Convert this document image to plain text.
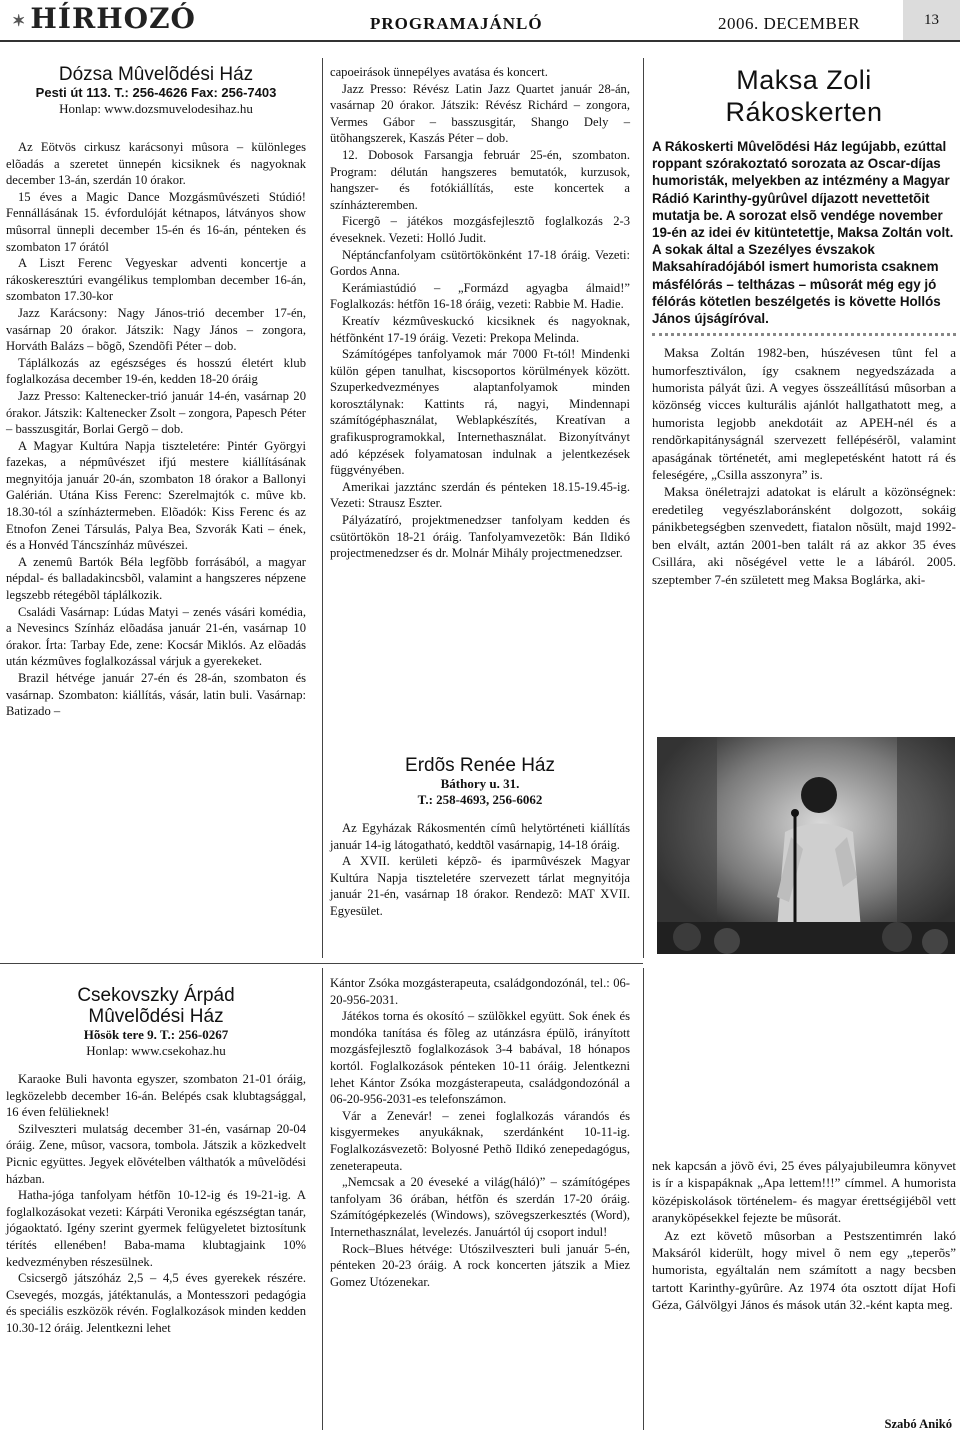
✶ HÍRHOZÓ	PROGRAMAJÁNLÓ	2006. DECEMBER	13
Dózsa Mûvelõdési Ház
Pesti út 113. T.: 256-4626 Fax: 256-7403
Honlap: www.dozsmuvelodesihaz.hu

Az Eötvös cirkusz karácsonyi mûsora – különleges elõadás a szeretet ünnepén kicsiknek és nagyoknak december 13-án, szerdán 10 órakor.

15 éves a Magic Dance Mozgásmûvészeti Stúdió! Fennállásának 15. évfordulóját kétnapos, látványos show mûsorral ünnepli december 15-én és 16-án, pénteken és szombaton 17 órától

A Liszt Ferenc Vegyeskar adventi koncertje a rákoskeresztúri evangélikus templomban december 16-án, szombaton 17.30-kor

Jazz Karácsony: Nagy János-trió december 17-én, vasárnap 20 órakor. Játszik: Nagy János – zongora, Horváth Balázs – bõgõ, Szendõfi Péter – dob.

Táplálkozás az egészséges és hosszú életért klub foglalkozása december 19-én, kedden 18-20 óráig

Jazz Presso: Kaltenecker-trió január 14-én, vasárnap 20 órakor. Játszik: Kaltenecker Zsolt – zongora, Papesch Péter – basszusgitár, Borlai Gergõ – dob.

A Magyar Kultúra Napja tiszteletére: Pintér Györgyi fazekas, a népmûvészet ifjú mestere kiállításának megnyitója január 20-án, szombaton 18 órakor a Ballonyi Galérián. Utána Kiss Ferenc: Szerelmajtók c. mûve kb. 18.30-tól a színháztermeben. Elõadók: Kiss Ferenc és az Etnofon Zenei Társulás, Palya Bea, Szvorák Kati – ének, és a Honvéd Táncszínház mûvészei.

A zenemû Bartók Béla legfõbb forrásából, a magyar népdal- és balladakincsbõl, valamint a hangszeres népzene legszebb rétegébõl táplálkozik.

Családi Vasárnap: Lúdas Matyi – zenés vásári komédia, a Nevesincs Színház elõadása január 21-én, vasárnap 10 órakor. Írta: Tarbay Ede, zene: Kocsár Miklós. Az elõadás után kézmûves foglalkozással várjuk a gyerekeket.

Brazil hétvége január 27-én és 28-án, szombaton és vasárnap. Szombaton: kiállítás, vásár, latin buli. Vasárnap: Batizado –

capoeirások ünnepélyes avatása és koncert.

Jazz Presso: Révész Latin Jazz Quartet január 28-án, vasárnap 20 órakor. Játszik: Révész Richárd – zongora, Vermes Gábor – basszusgitár, Shango Dely – ütõhangszerek, Kaszás Péter – dob.

12. Dobosok Farsangja február 25-én, szombaton. Program: délután hangszeres bemutatók, kurzusok, hangszer- és fotókiállítás, este koncertek a színházteremben.

Ficergõ – játékos mozgásfejlesztõ foglalkozás 2-3 éveseknek. Vezeti: Holló Judit.

Néptáncfanfolyam csütörtökönként 17-18 óráig. Vezeti: Gordos Anna.

Kerámiastúdió – „Formázd agyagba álmaid!” Foglalkozás: hétfõn 16-18 óráig, vezeti: Rabbie M. Hadie.

Kreatív kézmûveskuckó kicsiknek és nagyoknak, hétfõnként 17-19 óráig. Vezeti: Prekopa Melinda.

Számítógépes tanfolyamok már 7000 Ft-tól! Mindenki külön gépen tanulhat, kiscsoportos körülmények között. Szuperkedvezményes alaptanfolyamok minden korosztálynak: Kattints rá, nagyi, Mindennapi számítógéphasználat, Weblapkészítés, Kreatívan a grafikusprogramokkal, Internethasználat. Bizonyítványt adó képzések folyamatosan indulnak a jelentkezések függvényében.

Amerikai jazztánc szerdán és pénteken 18.15-19.45-ig. Vezeti: Strausz Eszter.

Pályázatíró, projektmenedzser tanfolyam kedden és csütörtökön 18-21 óráig. Tanfolyamvezetõk: Bán Ildikó projectmenedzser és dr. Molnár Mihály projectmenedzser.

Erdõs Renée Ház
Báthory u. 31.
T.: 258-4693, 256-6062

Az Egyházak Rákosmentén címû helytörténeti kiállítás január 14-ig látogatható, keddtõl vasárnapig, 14-18 óráig.

A XVII. kerületi képzõ- és iparmûvészek Magyar Kultúra Napja tiszteletére szervezett tárlat megnyitója január 21-én, vasárnap 18 órakor. Rendezõ: MAT XVII. Egyesület.

Maksa Zoli
Rákoskerten
A Rákoskerti Mûvelõdési Ház legújabb, ezúttal roppant szórakoztató sorozata az Oscar-díjas humoristák, melyekben az intézmény a Magyar Rádió Karinthy-gyûrûvel díjazott nevettetõit mutatja be. A sorozat elsõ vendége november 19-én az idei év kitüntetettje, Maksa Zoltán volt. A sokak által a Szezélyes évszakok Maksahíradójából ismert humorista csaknem másfélórás – teltházas – mûsorát még egy jó félórás kötetlen beszélgetés is követte Hollós János újságíróval.

Maksa Zoltán 1982-ben, húszévesen tûnt fel a humorfesztiválon, így csaknem negyedszázada a humorista pályát ûzi. A vegyes összeállítású mûsorban a közönség vicces kulturális ajánlót hallgathatott meg, a humorista legjobb anekdotáit az APEH-nél és a rendõrkapitányságnál szervezett fellépésérõl, valamint apaságának történetét, ami meglepetésként hatott rá és feleségére, „Csilla asszonyra” is.

Maksa önéletrajzi adatokat is elárult a közönségnek: eredetileg vegyészlaboránsként dolgozott, sokáig pánikbetegségben szenvedett, fiatalon nõsült, majd 1992-ben elvált, aztán 2001-ben talált rá az akkor 35 éves Csillára, aki nõségével vette le a lábáról. 2005. szeptember 7-én született meg Maksa Boglárka, aki-

Csekovszky Árpád
Mûvelõdési Ház
Hõsök tere 9. T.: 256-0267
Honlap: www.csekohaz.hu

Karaoke Buli havonta egyszer, szombaton 21-01 óráig, legközelebb december 16-án. Belépés csak klubtagsággal, 16 éven felülieknek!

Szilveszteri mulatság december 31-én, vasárnap 20-04 óráig. Zene, mûsor, vacsora, tombola. Játszik a közkedvelt Picnic együttes. Jegyek elõvételben válthatók a mûvelõdési házban.

Hatha-jóga tanfolyam hétfõn 10-12-ig és 19-21-ig. A foglalkozásokat vezeti: Kárpáti Veronika egészségtan tanár, jógaoktató. Igény szerint gyermek felügyeletet biztosítunk térítés ellenében! Baba-mama klubtagjaink 10% kedvezményben részesülnek.

Csicsergõ játszóház 2,5 – 4,5 éves gyerekek részére. Csevegés, mozgás, játéktanulás, a Montesszori pedagógia és speciális eszközök révén. Foglalkozások minden kedden 10.30-12 óráig. Jelentkezni lehet

Kántor Zsóka mozgásterapeuta, családgondozónál, tel.: 06-20-956-2031.

Játékos torna és okosító – szülõkkel együtt. Sok ének és mondóka tanítása és fõleg az utánzásra épülõ, irányított mozgásfejlesztõ foglalkozások 3-4 babával, 18 hónapos kortól. Foglalkozások pénteken 10-11 óráig. Jelentkezni lehet Kántor Zsóka mozgásterapeuta, családgondozónál a 06-20-956-2031-es telefonszámon.

Vár a Zenevár! – zenei foglalkozás várandós és kisgyermekes anyukáknak, szerdánként 10-11-ig. Foglalkozásvezetõ: Bolyosné Pethõ Ildikó zenepedagógus, zeneterapeuta.

„Nemcsak a 20 éveseké a világ(háló)” – számítógépes tanfolyam 36 órában, hétfõn és szerdán 17-20 óráig. Számítógépkezelés (Windows), szövegszerkesztés (Word), Internethasználat, levelezés. Januártól új csoport indul!

Rock–Blues hétvége: Utószilveszteri buli január 5-én, pénteken 20-23 óráig. A rock koncerten játszik a Miez Gomez Utózenekar.

nek kapcsán a jövõ évi, 25 éves pályajubileumra könyvet is ír a kispapáknak „Apa lettem!!!” címmel. A humorista középiskolások történelem- és magyar érettségijébõl vett aranyköpésekkel fejezte be mûsorát.

Az ezt követõ mûsorban a Pestszentimrén lakó Maksáról kiderült, hogy mivel õ nem egy „teperõs” humorista, egyáltalán nem számított a nagy becsben tartott Karinthy-gyûrûre. Az 1974 óta osztott díjat Hofi Géza, Gálvölgyi János és mások után 32.-ként kapta meg.

Szabó Anikó
